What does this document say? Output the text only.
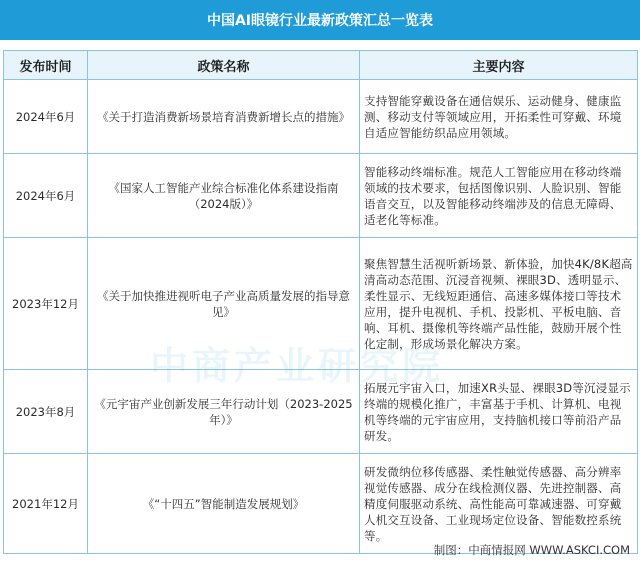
中国AI眼镜行业最新政策汇总一览表
发布时间	政策名称	主要内容
2024年6月	《关于打造消费新场景培育消费新增长点的措施》	支持智能穿戴设备在通信娱乐、运动健身、健康监测、移动支付等领域应用，开拓柔性可穿戴、环境自适应智能纺织品应用领域。
2024年6月	《国家人工智能产业综合标准化体系建设指南（2024版）》	智能移动终端标准。规范人工智能应用在移动终端领域的技术要求，包括图像识别、人脸识别、智能语音交互，以及智能移动终端涉及的信息无障碍、适老化等标准。
2023年12月	《关于加快推进视听电子产业高质量发展的指导意见》	聚焦智慧生活视听新场景、新体验，加快4K/8K超高清高动态范围、沉浸音视频、裸眼3D、透明显示、柔性显示、无线短距通信、高速多媒体接口等技术应用，提升电视机、手机、投影机、平板电脑、音响、耳机、摄像机等终端产品性能，鼓励开展个性化定制，形成场景化解决方案。
2023年8月	《元宇宙产业创新发展三年行动计划（2023-2025年）》	拓展元宇宙入口，加速XR头显、裸眼3D等沉浸显示终端的规模化推广，丰富基于手机、计算机、电视机等终端的元宇宙应用，支持脑机接口等前沿产品研发。
2021年12月	《“十四五”智能制造发展规划》	研发微纳位移传感器、柔性触觉传感器、高分辨率视觉传感器、成分在线检测仪器、先进控制器、高精度伺服驱动系统、高性能高可靠减速器、可穿戴人机交互设备、工业现场定位设备、智能数控系统等。
中商产业研究院
制图：中商情报网 WWW.ASKCI.COM
